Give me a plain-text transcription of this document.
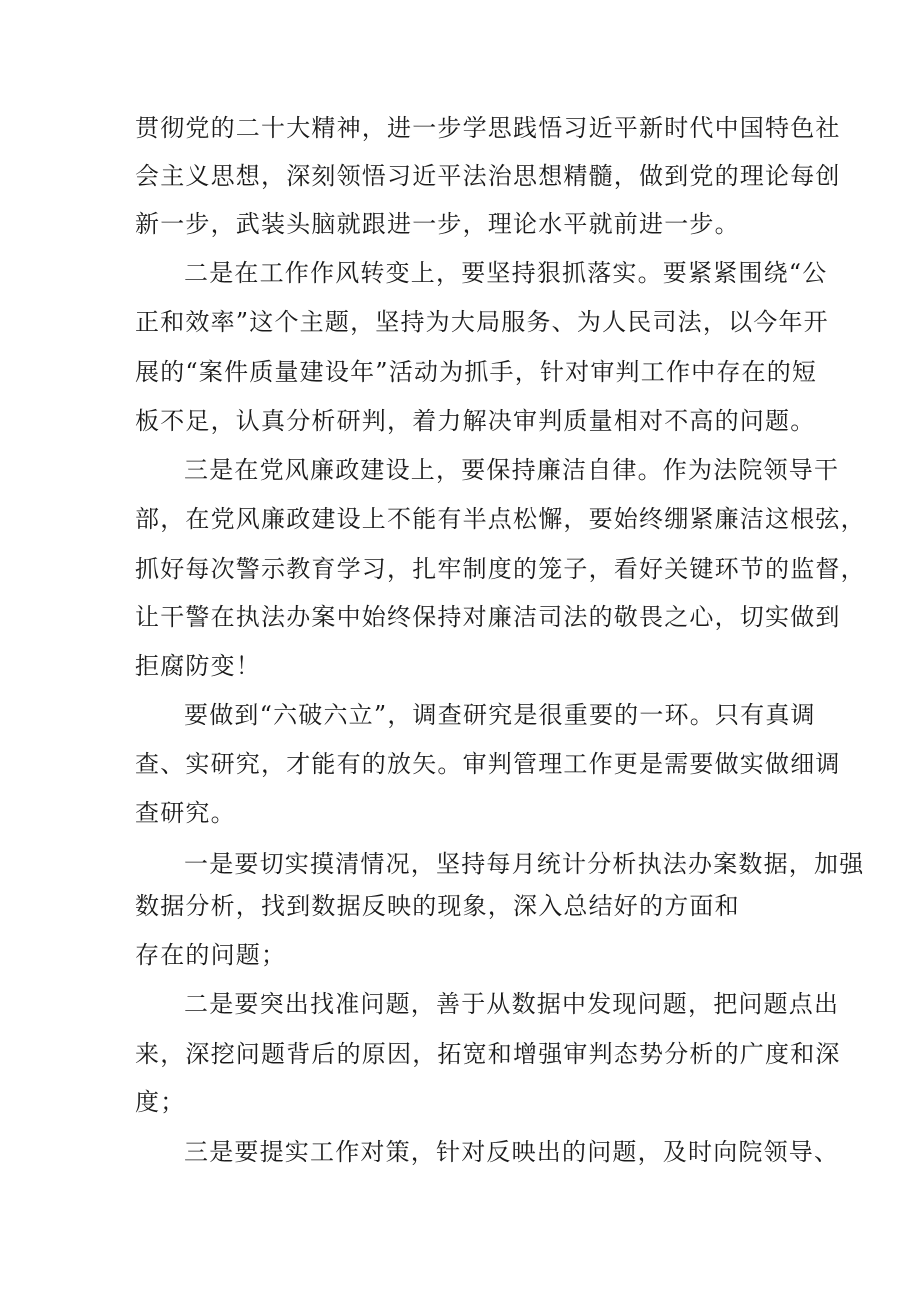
贯彻党的二十大精神，进一步学思践悟习近平新时代中国特色社
会主义思想，深刻领悟习近平法治思想精髓，做到党的理论每创
新一步，武装头脑就跟进一步，理论水平就前进一步。
二是在工作作风转变上，要坚持狠抓落实。要紧紧围绕“公
正和效率”这个主题，坚持为大局服务、为人民司法，以今年开
展的“案件质量建设年”活动为抓手，针对审判工作中存在的短
板不足，认真分析研判，着力解决审判质量相对不高的问题。
三是在党风廉政建设上，要保持廉洁自律。作为法院领导干
部，在党风廉政建设上不能有半点松懈，要始终绷紧廉洁这根弦，
抓好每次警示教育学习，扎牢制度的笼子，看好关键环节的监督，
让干警在执法办案中始终保持对廉洁司法的敬畏之心，切实做到
拒腐防变！
要做到“六破六立”，调查研究是很重要的一环。只有真调
查、实研究，才能有的放矢。审判管理工作更是需要做实做细调
查研究。
一是要切实摸清情况，坚持每月统计分析执法办案数据，加强
数据分析，找到数据反映的现象，深入总结好的方面和
存在的问题；
二是要突出找准问题，善于从数据中发现问题，把问题点出
来，深挖问题背后的原因，拓宽和增强审判态势分析的广度和深
度；
三是要提实工作对策，针对反映出的问题，及时向院领导、
